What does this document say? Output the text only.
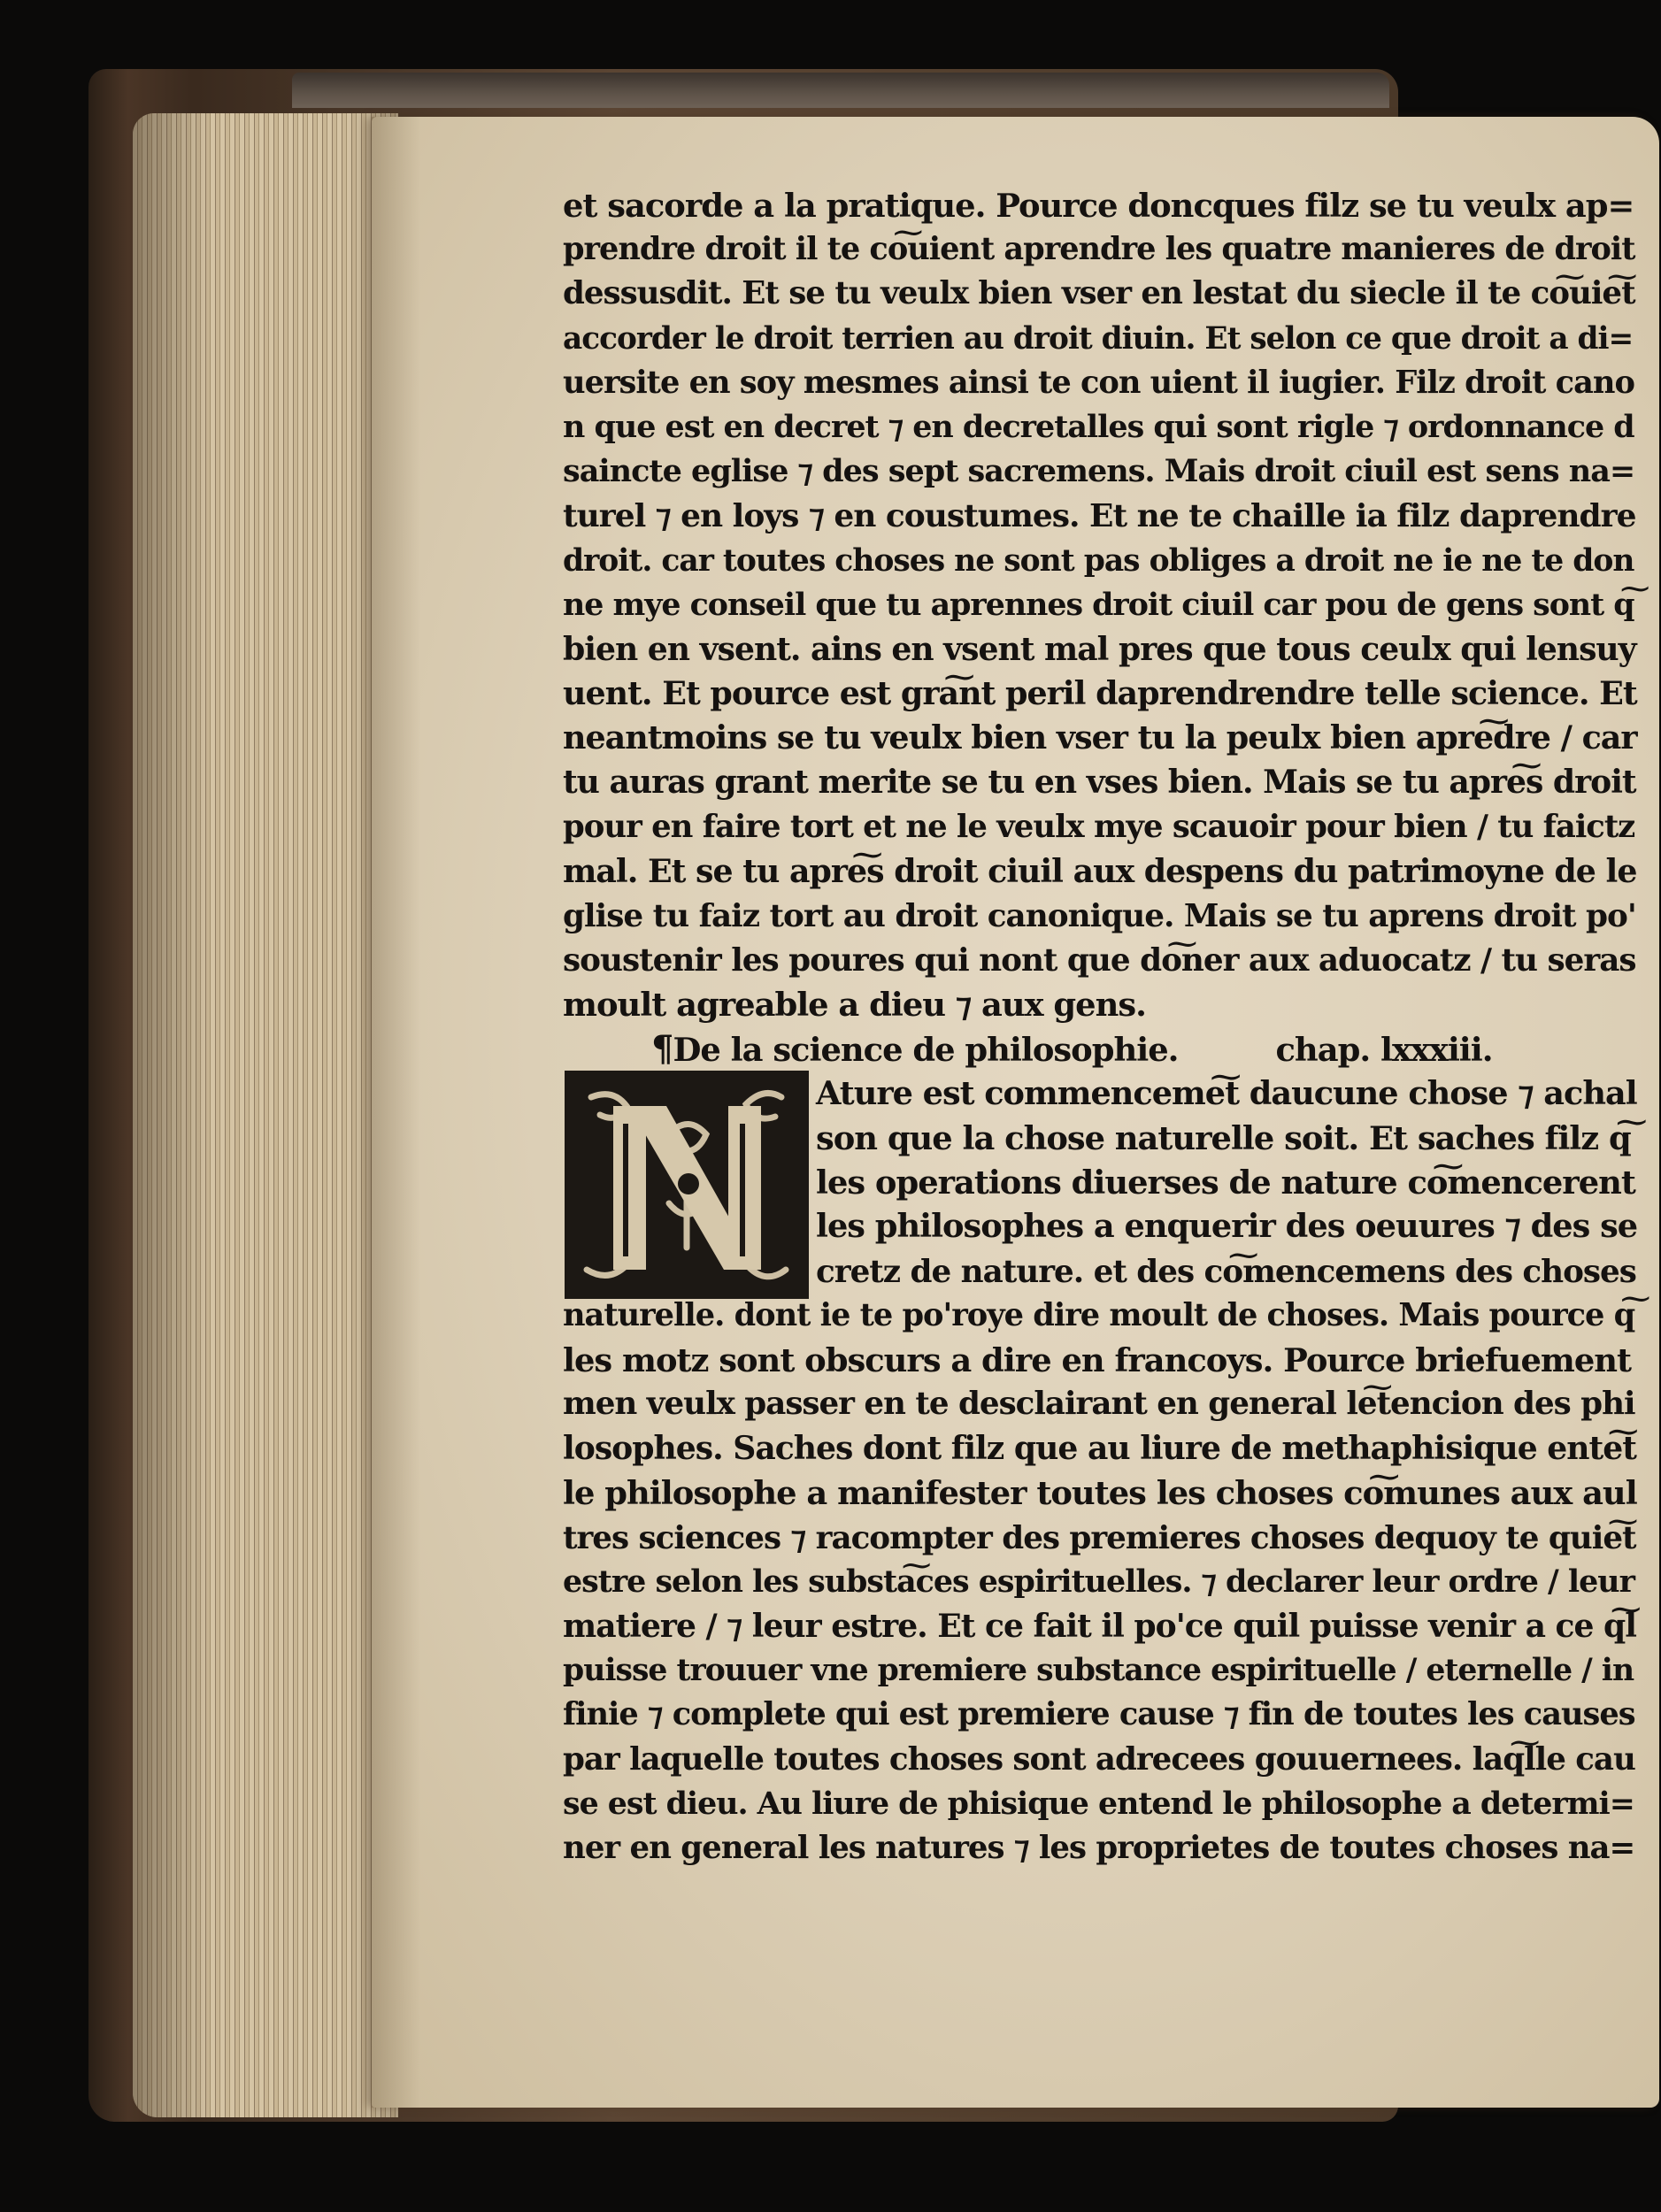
et sacorde a la pratique. Pource doncques filz se tu veulx ap=
prendre droit il te co͠uient aprendre les quatre manieres de droit
dessusdit. Et se tu veulx bien vser en lestat du siecle il te co͠uie͠t
accorder le droit terrien au droit diuin. Et selon ce que droit a di=
uersite en soy mesmes ainsi te con uient il iugier. Filz droit cano
n que est en decret ⁊ en decretalles qui sont rigle ⁊ ordonnance d
saincte eglise ⁊ des sept sacremens. Mais droit ciuil est sens na=
turel ⁊ en loys ⁊ en coustumes. Et ne te chaille ia filz daprendre
droit. car toutes choses ne sont pas obliges a droit ne ie ne te don
ne mye conseil que tu aprennes droit ciuil car pou de gens sont q͠
bien en vsent. ains en vsent mal pres que tous ceulx qui lensuy
uent. Et pource est gra͠nt peril daprendrendre telle science. Et
neantmoins se tu veulx bien vser tu la peulx bien apre͠dre / car
tu auras grant merite se tu en vses bien. Mais se tu apre͠s droit
pour en faire tort et ne le veulx mye scauoir pour bien / tu faictz
mal. Et se tu apre͠s droit ciuil aux despens du patrimoyne de le
glise tu faiz tort au droit canonique. Mais se tu aprens droit po'
soustenir les poures qui nont que do͠ner aux aduocatz / tu seras
moult agreable a dieu ⁊ aux gens.
¶De la science de philosophie.	chap. lxxxiii.
Ature est commenceme͠t daucune chose ⁊ achal
son que la chose naturelle soit. Et saches filz q͠
les operations diuerses de nature co͠mencerent
les philosophes a enquerir des oeuures ⁊ des se
cretz de nature. et des co͠mencemens des choses
naturelle. dont ie te po'roye dire moult de choses. Mais pource q͠
les motz sont obscurs a dire en francoys. Pource briefuement
men veulx passer en te desclairant en general le͠tencion des phi
losophes. Saches dont filz que au liure de methaphisique ente͠t
le philosophe a manifester toutes les choses co͠munes aux aul
tres sciences ⁊ racompter des premieres choses dequoy te quie͠t
estre selon les substa͠ces espirituelles. ⁊ declarer leur ordre / leur
matiere / ⁊ leur estre. Et ce fait il po'ce quil puisse venir a ce q͠l
puisse trouuer vne premiere substance espirituelle / eternelle / in
finie ⁊ complete qui est premiere cause ⁊ fin de toutes les causes
par laquelle toutes choses sont adrecees gouuernees. laq͠lle cau
se est dieu. Au liure de phisique entend le philosophe a determi=
ner en general les natures ⁊ les proprietes de toutes choses na=
